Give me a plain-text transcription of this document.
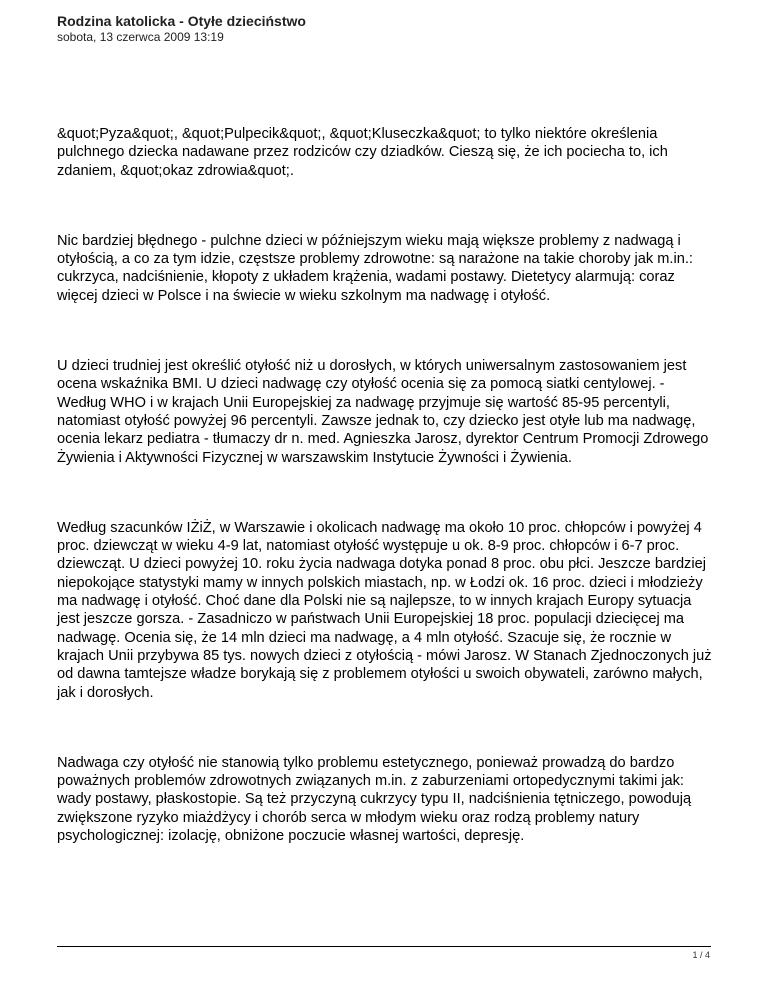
Rodzina katolicka - Otyłe dzieciństwo
sobota, 13 czerwca 2009 13:19

&quot;Pyza&quot;, &quot;Pulpecik&quot;, &quot;Kluseczka&quot; to tylko niektóre określenia pulchnego dziecka nadawane przez rodziców czy dziadków. Cieszą się, że ich pociecha to, ich zdaniem, &quot;okaz zdrowia&quot;.

Nic bardziej błędnego - pulchne dzieci w późniejszym wieku mają większe problemy z nadwagą i otyłością, a co za tym idzie, częstsze problemy zdrowotne: są narażone na takie choroby jak m.in.: cukrzyca, nadciśnienie, kłopoty z układem krążenia, wadami postawy. Dietetycy alarmują: coraz więcej dzieci w Polsce i na świecie w wieku szkolnym ma nadwagę i otyłość.

U dzieci trudniej jest określić otyłość niż u dorosłych, w których uniwersalnym zastosowaniem jest ocena wskaźnika BMI. U dzieci nadwagę czy otyłość ocenia się za pomocą siatki centylowej. - Według WHO i w krajach Unii Europejskiej za nadwagę przyjmuje się wartość 85-95 percentyli, natomiast otyłość powyżej 96 percentyli. Zawsze jednak to, czy dziecko jest otyłe lub ma nadwagę, ocenia lekarz pediatra - tłumaczy dr n. med. Agnieszka Jarosz, dyrektor Centrum Promocji Zdrowego Żywienia i Aktywności Fizycznej w warszawskim Instytucie Żywności i Żywienia.

Według szacunków IŻiŻ, w Warszawie i okolicach nadwagę ma około 10 proc. chłopców i powyżej 4 proc. dziewcząt w wieku 4-9 lat, natomiast otyłość występuje u ok. 8-9 proc. chłopców i 6-7 proc. dziewcząt. U dzieci powyżej 10. roku życia nadwaga dotyka ponad 8 proc. obu płci. Jeszcze bardziej niepokojące statystyki mamy w innych polskich miastach, np. w Łodzi ok. 16 proc. dzieci i młodzieży ma nadwagę i otyłość. Choć dane dla Polski nie są najlepsze, to w innych krajach Europy sytuacja jest jeszcze gorsza. - Zasadniczo w państwach Unii Europejskiej 18 proc. populacji dziecięcej ma nadwagę. Ocenia się, że 14 mln dzieci ma nadwagę, a 4 mln otyłość. Szacuje się, że rocznie w krajach Unii przybywa 85 tys. nowych dzieci z otyłością - mówi Jarosz. W Stanach Zjednoczonych już od dawna tamtejsze władze borykają się z problemem otyłości u swoich obywateli, zarówno małych, jak i dorosłych.

Nadwaga czy otyłość nie stanowią tylko problemu estetycznego, ponieważ prowadzą do bardzo poważnych problemów zdrowotnych związanych m.in. z zaburzeniami ortopedycznymi takimi jak: wady postawy, płaskostopie. Są też przyczyną cukrzycy typu II, nadciśnienia tętniczego, powodują zwiększone ryzyko miażdżycy i chorób serca w młodym wieku oraz rodzą problemy natury psychologicznej: izolację, obniżone poczucie własnej wartości, depresję.

1 / 4
